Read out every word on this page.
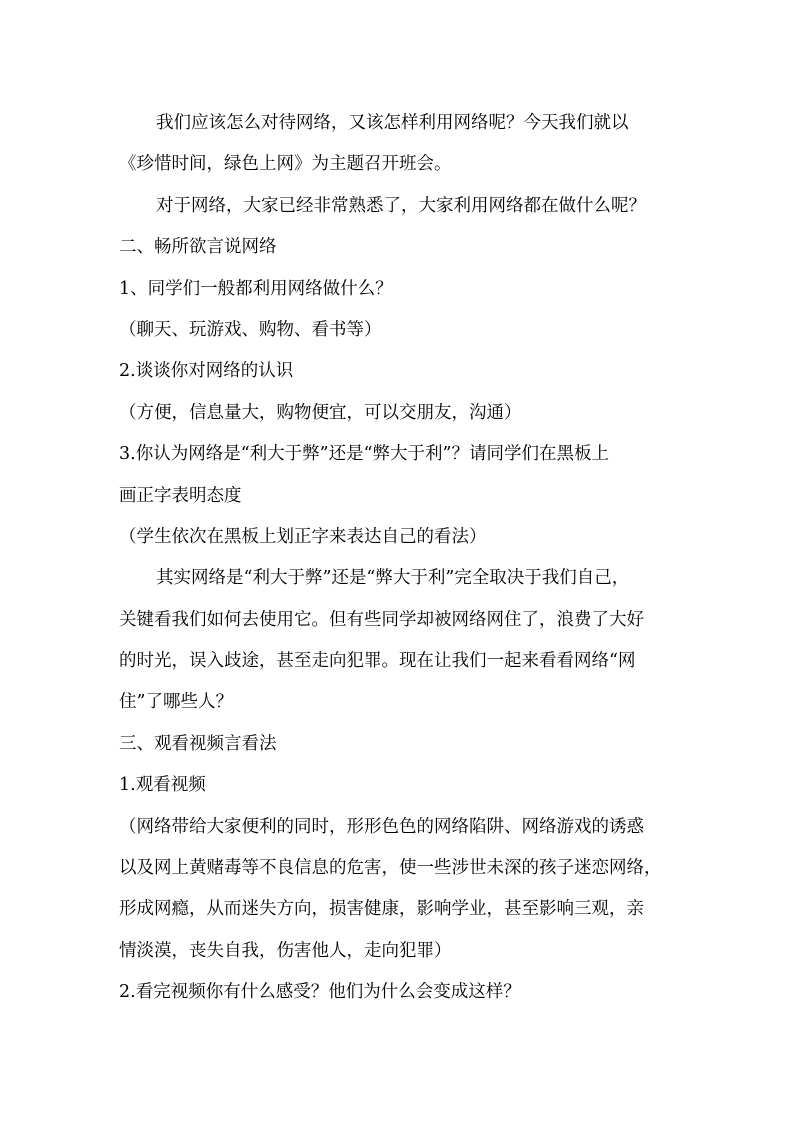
我们应该怎么对待网络，又该怎样利用网络呢？今天我们就以
《珍惜时间，绿色上网》为主题召开班会。
对于网络，大家已经非常熟悉了，大家利用网络都在做什么呢？
二、畅所欲言说网络
1、同学们一般都利用网络做什么？
（聊天、玩游戏、购物、看书等）
2.谈谈你对网络的认识
（方便，信息量大，购物便宜，可以交朋友，沟通）
3.你认为网络是“利大于弊”还是“弊大于利”？请同学们在黑板上
画正字表明态度
（学生依次在黑板上划正字来表达自己的看法）
其实网络是“利大于弊”还是“弊大于利”完全取决于我们自己，
关键看我们如何去使用它。但有些同学却被网络网住了，浪费了大好
的时光，误入歧途，甚至走向犯罪。现在让我们一起来看看网络“网
住”了哪些人？
三、观看视频言看法
1.观看视频
（网络带给大家便利的同时，形形色色的网络陷阱、网络游戏的诱惑
以及网上黄赌毒等不良信息的危害，使一些涉世未深的孩子迷恋网络，
形成网瘾，从而迷失方向，损害健康，影响学业，甚至影响三观，亲
情淡漠，丧失自我，伤害他人，走向犯罪）
2.看完视频你有什么感受？他们为什么会变成这样？
